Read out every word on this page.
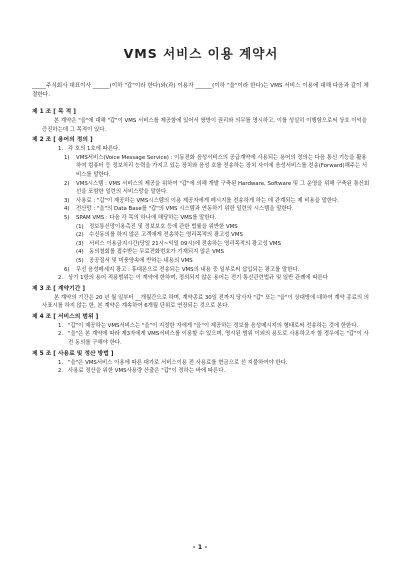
VMS 서비스 이용 계약서

_____주식회사 대표이사 ______(이하 "갑"이라 한다)와(과) 이용자 ______(이하 "을"이라 한다)는 VMS 서비스 이용에 대해 다음과 같이 체결한다.

제 1 조 [ 목 적 ]

본 계약은 "을"에 대해 "갑"이 VMS 서비스를 제공함에 있어서 쌍방이 권리와 의무를 명시하고, 이를 성실히 이행함으로써 상호 이익을 증진하는데 그 목적이 있다.

제 2 조 [ 용어의 정의 ]

1. 각 호의 1호에 따른다.
1)	VMS서비스(Voice Message Service) : 이동전화 음성서비스의 공급계약에 사용되는 용어의 정의는 다음 통신 기능을 활용하여 컴퓨터 등 정보처리 능력을 가지고 있는 장치와 음성 호를 전송하는 장치 사이에 음성서비스를 전송(Forward)해주는 서비스를 말한다.
2)	VMS시스템 : VMS 서비스의 제공을 위하여 "갑"에 의해 개발 구축된 Hardware, Software 및 그 운영을 위해 구축된 통신회선을 포함한 일련의 서비스망을 말한다.
3)	사용료 : "갑"이 제공하는 VMS시스템의 이용 제공자에게 메시지를 전송하게 하는 데 관계되는 제 비용을 말한다.
4)	전산망 : "을"의 Data Base를 "갑"의 VMS 시스템과 연동하기 위한 일련의 시스템을 말한다.
5)	SPAM VMS : 다음 각 목의 하나에 해당하는 VMS를 말한다.
(1) 정보통신망이용촉진 및 정보보호 등에 관한 법률을 위반한 VMS
(2) 수신동의를 하지 않은 고객에게 전송하는 영리목적의 광고성 VMS
(3) 서비스 이용금지시간(당일 21시~익일 09시)에 전송하는 영리목적의 광고성 VMS
(4) 동의철회를 접수받는 무료전화번호가 기재되지 않은 VMS
(5) 공공질서 및 미풍양속에 반하는 내용의 VMS
6)	무선 음성메세지 광고 : 휴대폰으로 전송되는 VMS의 내용 중 일부로써 삽입되는 광고를 말한다.
2. 상기 1항의 용어 적용범위는 이 계약에 한하며, 정의되지 않은 용어는 전기 통신관련법규 및 일반 관례에 따른다

제 3 조 [ 계약기간 ]

본 계약의 기간은 20 년 월 일부터 __개월간으로 하며, 계약종료 30일 전까지 당사자 "갑" 또는 "을"이 상대방에 대하여 계약 종료의 의사표시를 하지 않는 한, 본 계약은 계속하여 6개월 단위로 연장되는 것으로 본다.

제 4 조 [ 서비스의 범위 ]

1. "갑"이 제공하는 VMS서비스는 "을"이 지정한 자에게 "을"이 제공하는 정보를 음성메시지의 형태로써 전송하는 것에 한한다.
2. "을"은 본 계약에 따라 제3자에게 VMS서비스를 이용할 수 있으며, 명시된 범위 이외의 용도로 사용하고자 할 경우에는 "갑"이 사전 동의를 구해야 한다.

제 5 조 [ 사용료 및 정산 방법 ]

1. "을"은 VMS서비스 이용에 따른 대가로 서비스이용 전 사용료를 현금으로 선 지불하여야 한다.
2. 사용료 정산을 위한 VMS사용량 산출은 "갑"이 정하는 바에 따른다.
- 1 -
